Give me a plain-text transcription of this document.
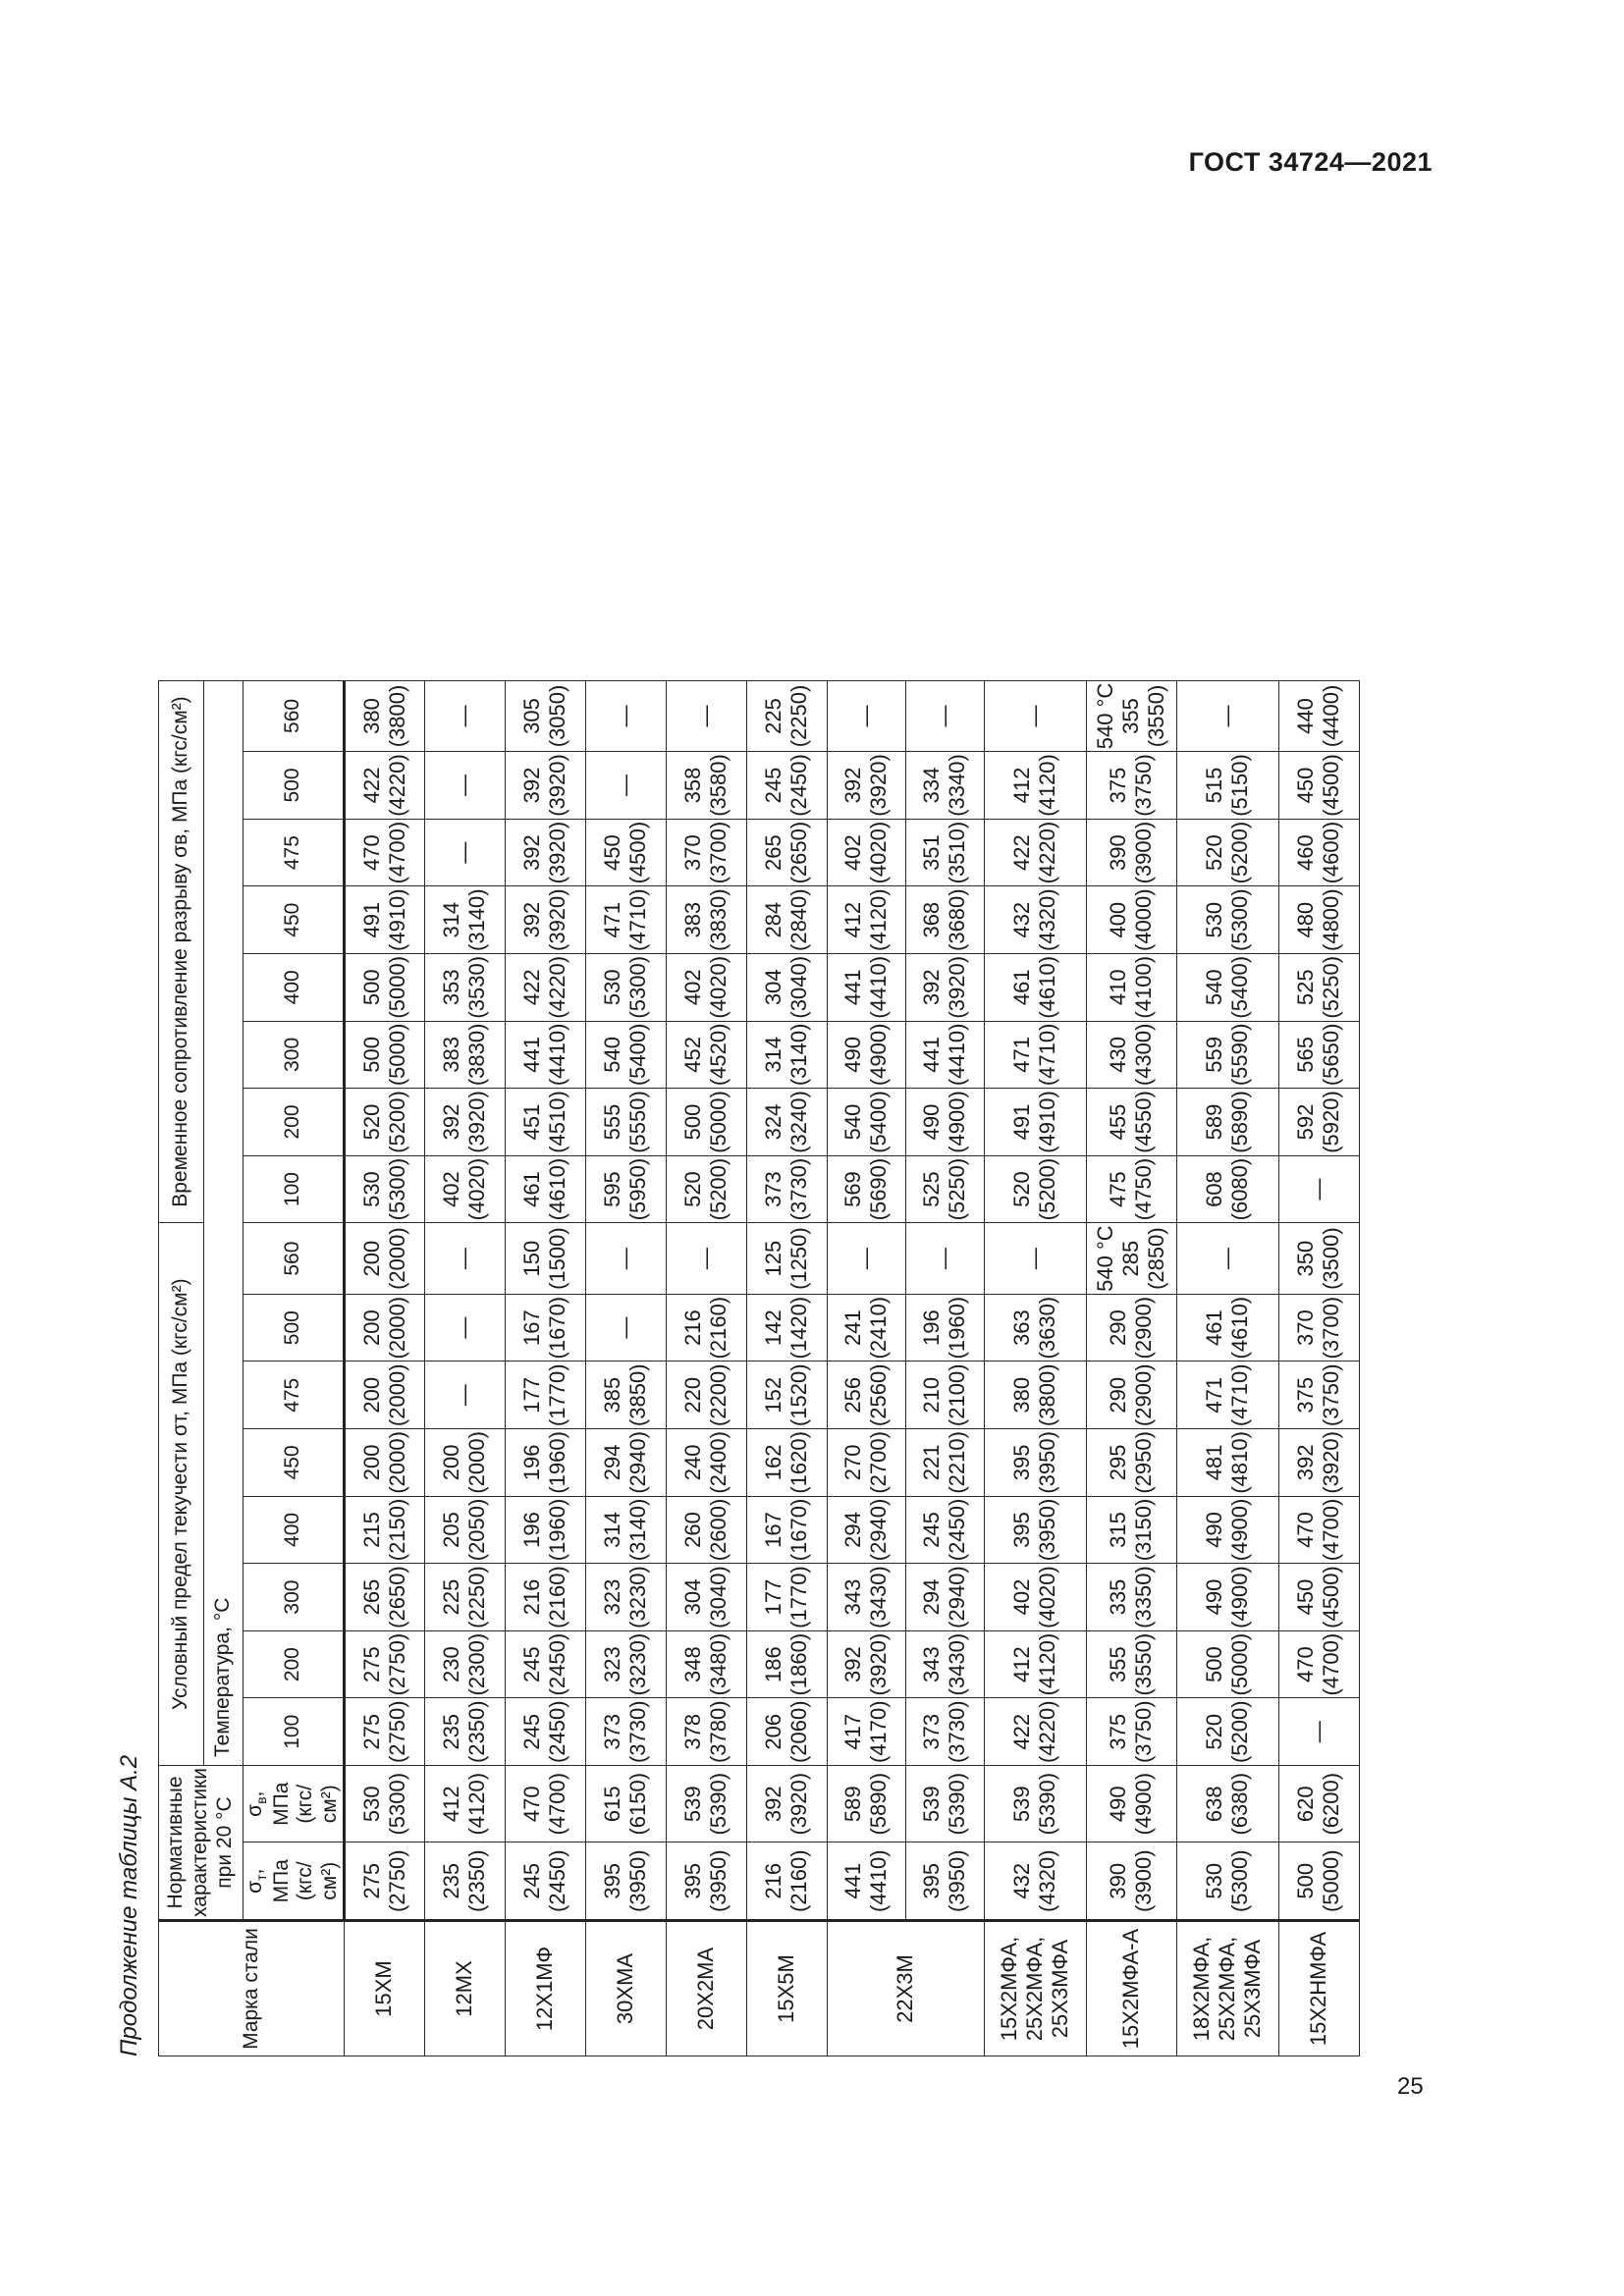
ГОСТ 34724—2021
Продолжение таблицы А.2	Марка стали	Нормативные характеристики при 20 °С		Условный предел текучести σт, МПа (кгс/см²)								Временное сопротивление разрыву σв, МПа (кгс/см²)							
			Температура, °С															
	$\sigma_т$, МПа (кгс/см²)	$\sigma_в$, МПа (кгс/см²)	100	200	300	400	450	475	500	560	100	200	300	400	450	475	500	560

15ХМ	275 (2750)	530 (5300)	275 (2750)	275 (2750)	265 (2650)	215 (2150)	200 (2000)	200 (2000)	200 (2000)	200 (2000)	530 (5300)	520 (5200)	500 (5000)	500 (5000)	491 (4910)	470 (4700)	422 (4220)	380 (3800)

12МХ	235 (2350)	412 (4120)	235 (2350)	230 (2300)	225 (2250)	205 (2050)	200 (2000)	—	—	—	402 (4020)	392 (3920)	383 (3830)	353 (3530)	314 (3140)	—	—	—

12Х1МФ	245 (2450)	470 (4700)	245 (2450)	245 (2450)	216 (2160)	196 (1960)	196 (1960)	177 (1770)	167 (1670)	150 (1500)	461 (4610)	451 (4510)	441 (4410)	422 (4220)	392 (3920)	392 (3920)	392 (3920)	305 (3050)

30ХМА	395 (3950)	615 (6150)	373 (3730)	323 (3230)	323 (3230)	314 (3140)	294 (2940)	385 (3850)	—	—	595 (5950)	555 (5550)	540 (5400)	530 (5300)	471 (4710)	450 (4500)	—	—

20Х2МА	395 (3950)	539 (5390)	378 (3780)	348 (3480)	304 (3040)	260 (2600)	240 (2400)	220 (2200)	216 (2160)	—	520 (5200)	500 (5000)	452 (4520)	402 (4020)	383 (3830)	370 (3700)	358 (3580)	—

15Х5М	216 (2160)	392 (3920)	206 (2060)	186 (1860)	177 (1770)	167 (1670)	162 (1620)	152 (1520)	142 (1420)	125 (1250)	373 (3730)	324 (3240)	314 (3140)	304 (3040)	284 (2840)	265 (2650)	245 (2450)	225 (2250)

22Х3М	441 (4410)	589 (5890)	417 (4170)	392 (3920)	343 (3430)	294 (2940)	270 (2700)	256 (2560)	241 (2410)	—	569 (5690)	540 (5400)	490 (4900)	441 (4410)	412 (4120)	402 (4020)	392 (3920)	—

	395 (3950)	539 (5390)	373 (3730)	343 (3430)	294 (2940)	245 (2450)	221 (2210)	210 (2100)	196 (1960)	—	525 (5250)	490 (4900)	441 (4410)	392 (3920)	368 (3680)	351 (3510)	334 (3340)	—

15Х2МФА, 25Х2МФА, 25Х3МФА	432 (4320)	539 (5390)	422 (4220)	412 (4120)	402 (4020)	395 (3950)	395 (3950)	380 (3800)	363 (3630)	—	520 (5200)	491 (4910)	471 (4710)	461 (4610)	432 (4320)	422 (4220)	412 (4120)	—

15Х2МФА-А	390 (3900)	490 (4900)	375 (3750)	355 (3550)	335 (3350)	315 (3150)	295 (2950)	290 (2900)	290 (2900)	540 °С 285 (2850)	475 (4750)	455 (4550)	430 (4300)	410 (4100)	400 (4000)	390 (3900)	375 (3750)	540 °С 355 (3550)

18Х2МФА, 25Х2МФА, 25Х3МФА	530 (5300)	638 (6380)	520 (5200)	500 (5000)	490 (4900)	490 (4900)	481 (4810)	471 (4710)	461 (4610)	—	608 (6080)	589 (5890)	559 (5590)	540 (5400)	530 (5300)	520 (5200)	515 (5150)	—

15Х2НМФА	500 (5000)	620 (6200)	—	470 (4700)	450 (4500)	470 (4700)	392 (3920)	375 (3750)	370 (3700)	350 (3500)	—	592 (5920)	565 (5650)	525 (5250)	480 (4800)	460 (4600)	450 (4500)	440 (4400)
25
